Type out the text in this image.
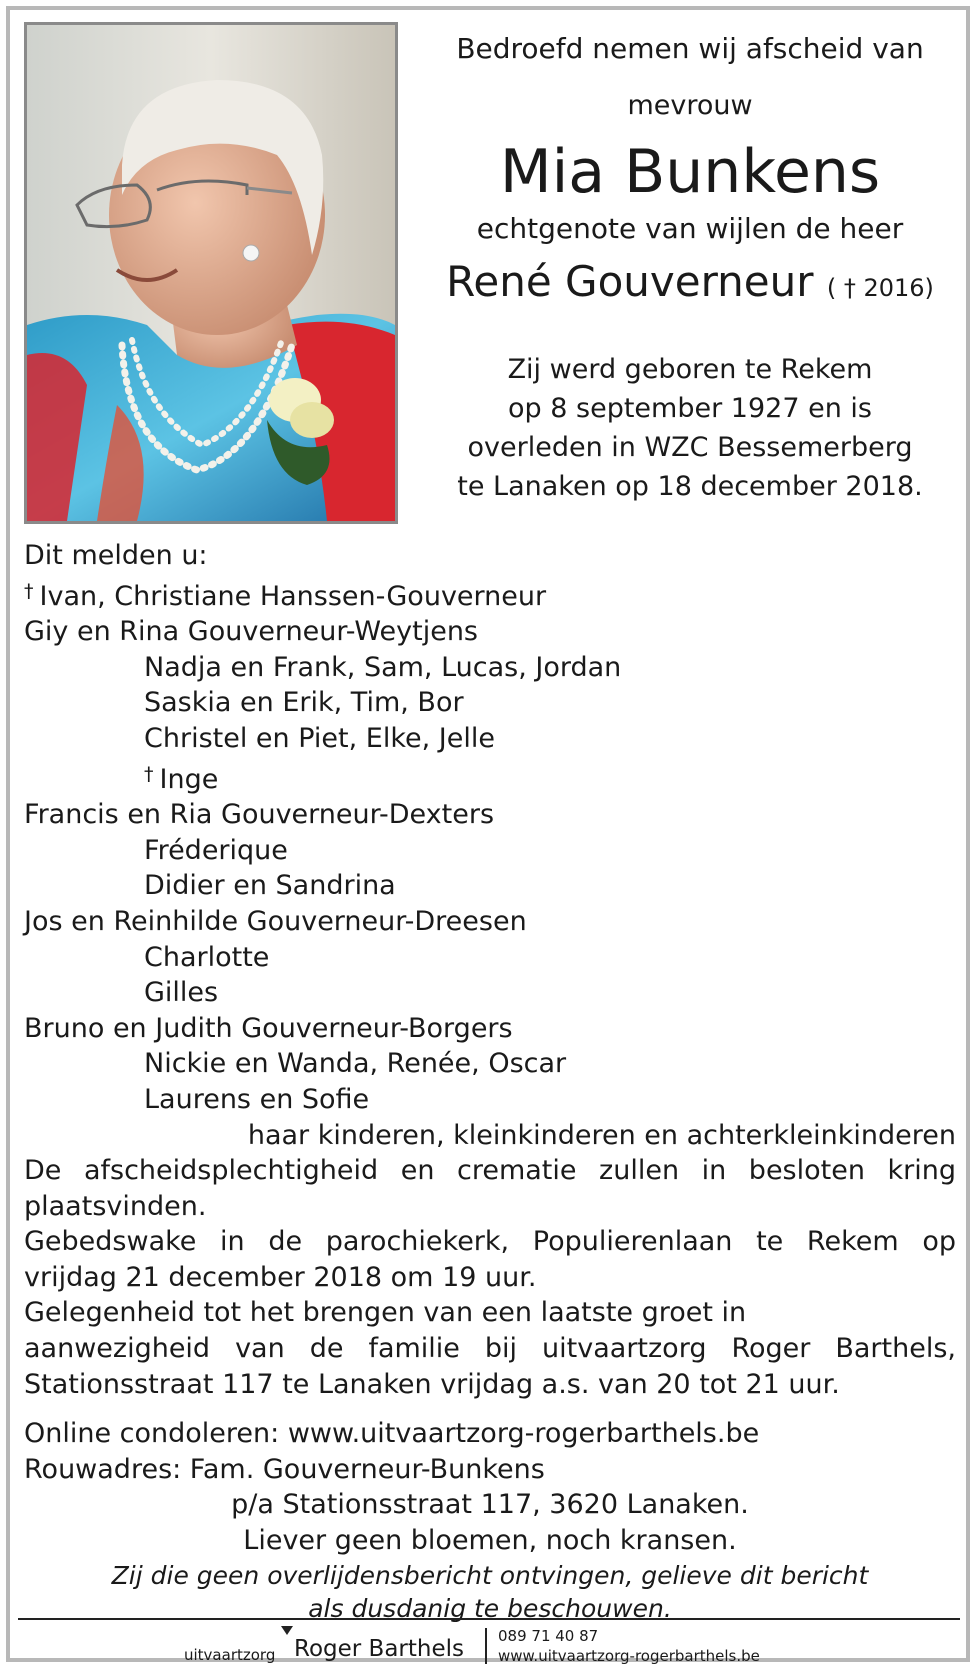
Bedroefd nemen wij afscheid van
mevrouw
Mia Bunkens
echtgenote van wijlen de heer
René Gouverneur ( † 2016)
Zij werd geboren te Rekem
op 8 september 1927 en is
overleden in WZC Bessemerberg
te Lanaken op 18 december 2018.
Dit melden u:
† Ivan, Christiane Hanssen-Gouverneur
Giy en Rina Gouverneur-Weytjens
Nadja en Frank, Sam, Lucas, Jordan
Saskia en Erik, Tim, Bor
Christel en Piet, Elke, Jelle
† Inge
Francis en Ria Gouverneur-Dexters
Fréderique
Didier en Sandrina
Jos en Reinhilde Gouverneur-Dreesen
Charlotte
Gilles
Bruno en Judith Gouverneur-Borgers
Nickie en Wanda, Renée, Oscar
Laurens en Sofie
haar kinderen, kleinkinderen en achterkleinkinderen
De afscheidsplechtigheid en crematie zullen in besloten kring
plaatsvinden.
Gebedswake in de parochiekerk, Populierenlaan te Rekem op
vrijdag 21 december 2018 om 19 uur.
Gelegenheid tot het brengen van een laatste groet in
aanwezigheid van de familie bij uitvaartzorg Roger Barthels,
Stationsstraat 117 te Lanaken vrijdag a.s. van 20 tot 21 uur.
Online condoleren: www.uitvaartzorg-rogerbarthels.be
Rouwadres: Fam. Gouverneur-Bunkens
p/a Stationsstraat 117, 3620 Lanaken.
Liever geen bloemen, noch kransen.
Zij die geen overlijdensbericht ontvingen, gelieve dit bericht
als dusdanig te beschouwen.
uitvaartzorg Roger Barthels 089 71 40 87
www.uitvaartzorg-rogerbarthels.be
